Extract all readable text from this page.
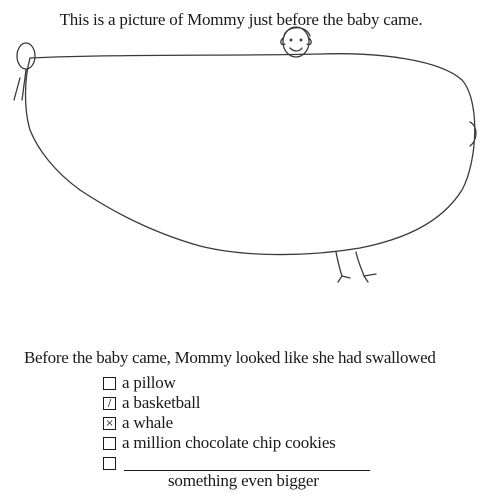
This is a picture of Mommy just before the baby came.
Before the baby came, Mommy looked like she had swallowed
a pillow
/ a basketball
× a whale
a million chocolate chip cookies
something even bigger
